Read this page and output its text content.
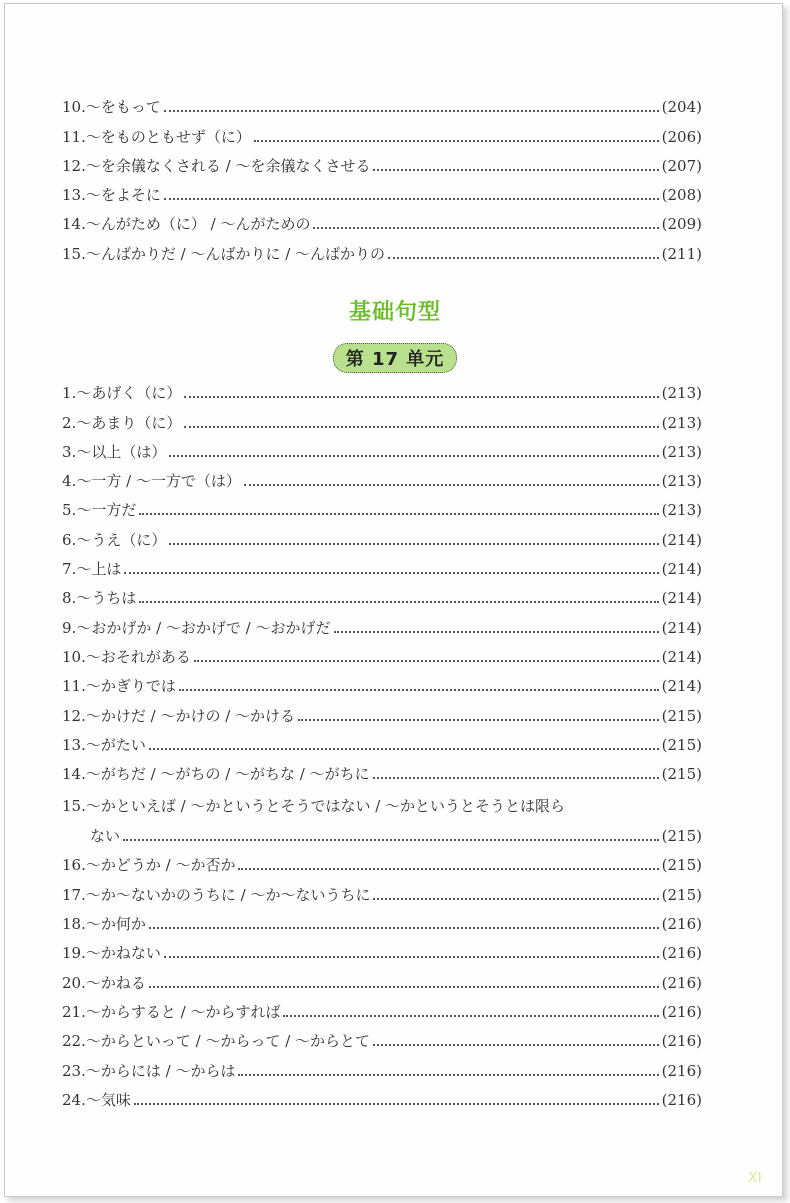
10. ～をもって	(204)
11. ～をものともせず（に）	(206)
12. ～を余儀なくされる / ～を余儀なくさせる	(207)
13. ～をよそに	(208)
14. ～んがため（に） / ～んがための	(209)
15. ～んばかりだ / ～んばかりに / ～んばかりの	(211)
基础句型
第 17 单元
1. ～あげく（に）	(213)
2. ～あまり（に）	(213)
3. ～以上（は）	(213)
4. ～一方 / ～一方で（は）	(213)
5. ～一方だ	(213)
6. ～うえ（に）	(214)
7. ～上は	(214)
8. ～うちは	(214)
9. ～おかげか / ～おかげで / ～おかげだ	(214)
10. ～おそれがある	(214)
11. ～かぎりでは	(214)
12. ～かけだ / ～かけの / ～かける	(215)
13. ～がたい	(215)
14. ～がちだ / ～がちの / ～がちな / ～がちに	(215)
15. ～かといえば / ～かというとそうではない / ～かというとそうとは限ら
ない	(215)
16. ～かどうか / ～か否か	(215)
17. ～か～ないかのうちに / ～か～ないうちに	(215)
18. ～か何か	(216)
19. ～かねない	(216)
20. ～かねる	(216)
21. ～からすると / ～からすれば	(216)
22. ～からといって / ～からって / ～からとて	(216)
23. ～からには / ～からは	(216)
24. ～気味	(216)
XI
